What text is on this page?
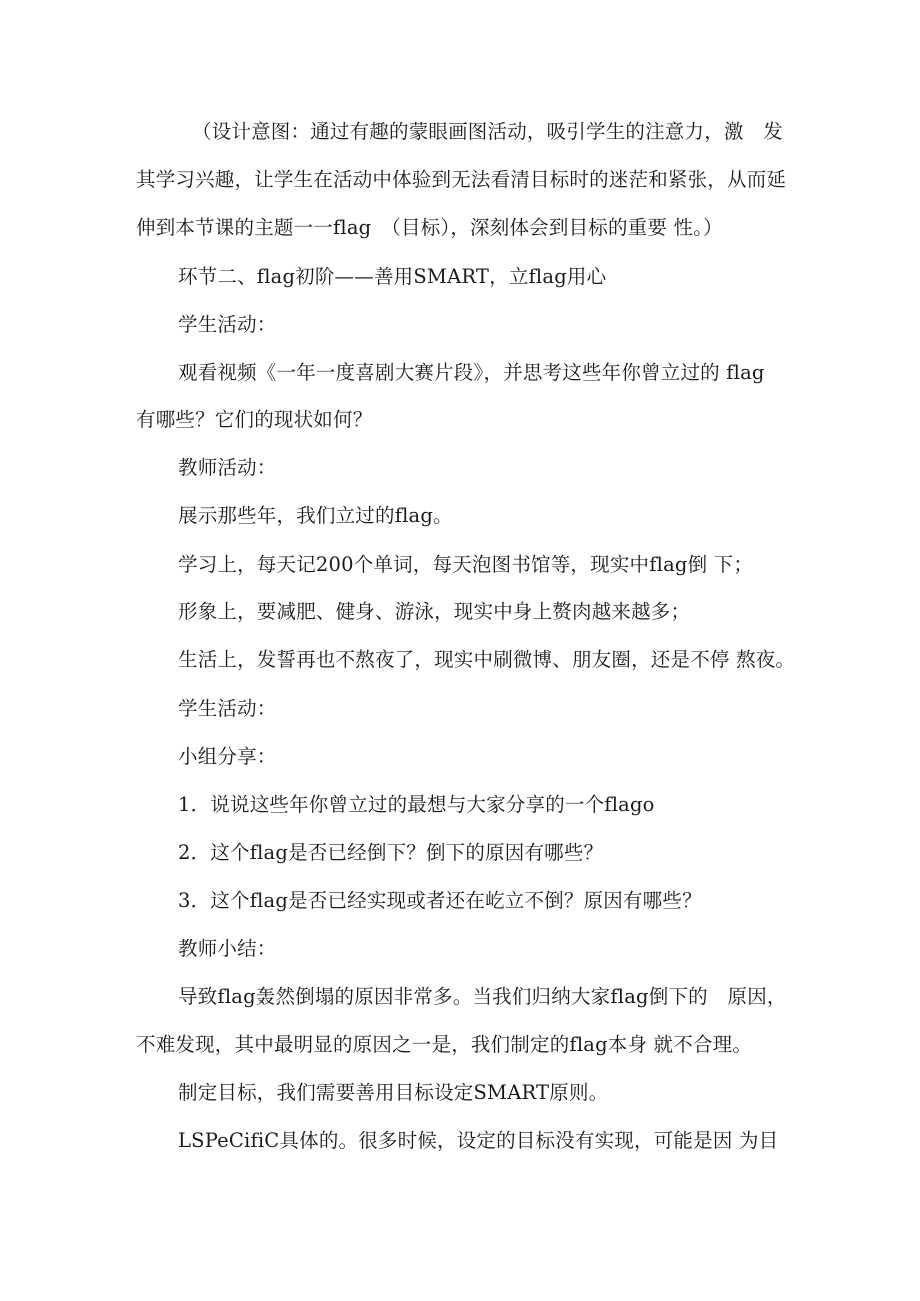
（设计意图：通过有趣的蒙眼画图活动，吸引学生的注意力，激　发
其学习兴趣，让学生在活动中体验到无法看清目标时的迷茫和紧张，从而延
伸到本节课的主题一一flag　（目标），深刻体会到目标的重要 性。）
环节二、flag初阶——善用SMART，立flag用心
学生活动：
观看视频《一年一度喜剧大赛片段》，并思考这些年你曾立过的 flag
有哪些？它们的现状如何？
教师活动：
展示那些年，我们立过的flag。
学习上，每天记200个单词，每天泡图书馆等，现实中flag倒 下；
形象上，要减肥、健身、游泳，现实中身上赘肉越来越多；
生活上，发誓再也不熬夜了，现实中刷微博、朋友圈，还是不停 熬夜。
学生活动：
小组分享：
1．说说这些年你曾立过的最想与大家分享的一个flago
2．这个flag是否已经倒下？倒下的原因有哪些？
3．这个flag是否已经实现或者还在屹立不倒？原因有哪些？
教师小结：
导致flag轰然倒塌的原因非常多。当我们归纳大家flag倒下的　原因，
不难发现，其中最明显的原因之一是，我们制定的flag本身 就不合理。
制定目标，我们需要善用目标设定SMART原则。
LSPeCifiC具体的。很多时候，设定的目标没有实现，可能是因 为目
